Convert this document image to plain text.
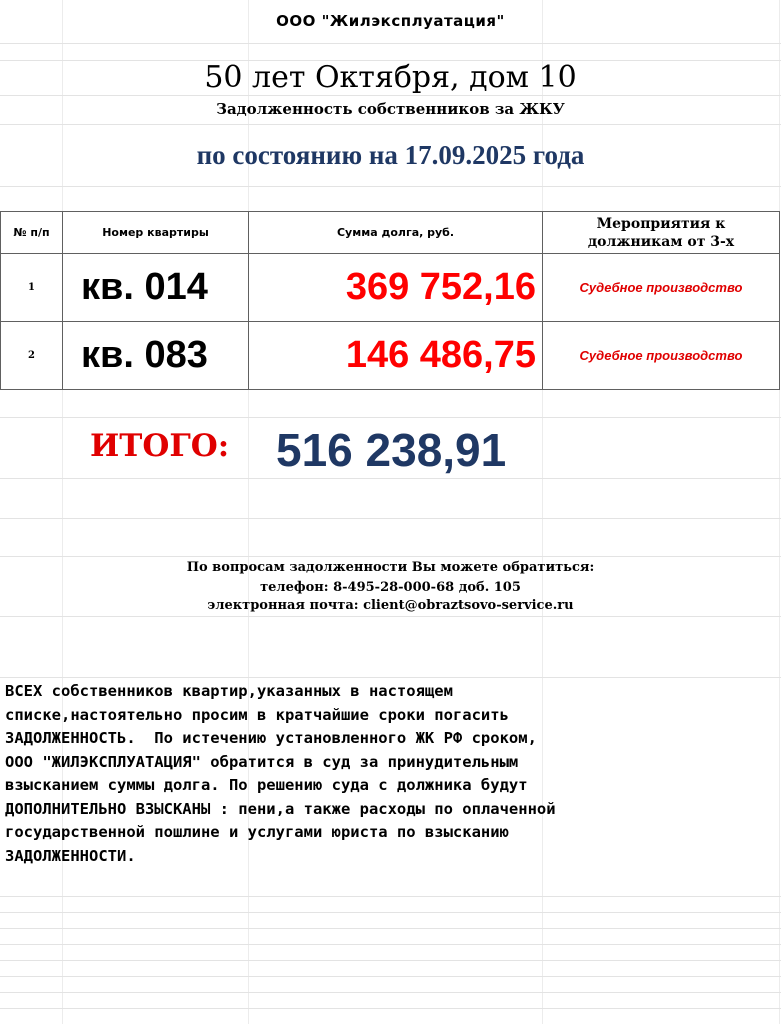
ООО "Жилэксплуатация"
50 лет Октября, дом 10
Задолженность собственников за ЖКУ
по состоянию на 17.09.2025 года
№ п/п	Номер квартиры	Сумма долга, руб.	Мероприятия к
должникам от 3-х
1	кв. 014	369 752,16	Судебное производство
2	кв. 083	146 486,75	Судебное производство
ИТОГО: 516 238,91
По вопросам задолженности Вы можете обратиться:
телефон: 8-495-28-000-68 доб. 105
электронная почта: client@obraztsovo-service.ru
ВСЕХ собственников квартир,указанных в настоящем
списке,настоятельно просим в кратчайшие сроки погасить
ЗАДОЛЖЕННОСТЬ.  По истечению установленного ЖК РФ сроком,
ООО "ЖИЛЭКСПЛУАТАЦИЯ" обратится в суд за принудительным
взысканием суммы долга. По решению суда с должника будут
ДОПОЛНИТЕЛЬНО ВЗЫСКАНЫ : пени,а также расходы по оплаченной
государственной пошлине и услугами юриста по взысканию
ЗАДОЛЖЕННОСТИ.
